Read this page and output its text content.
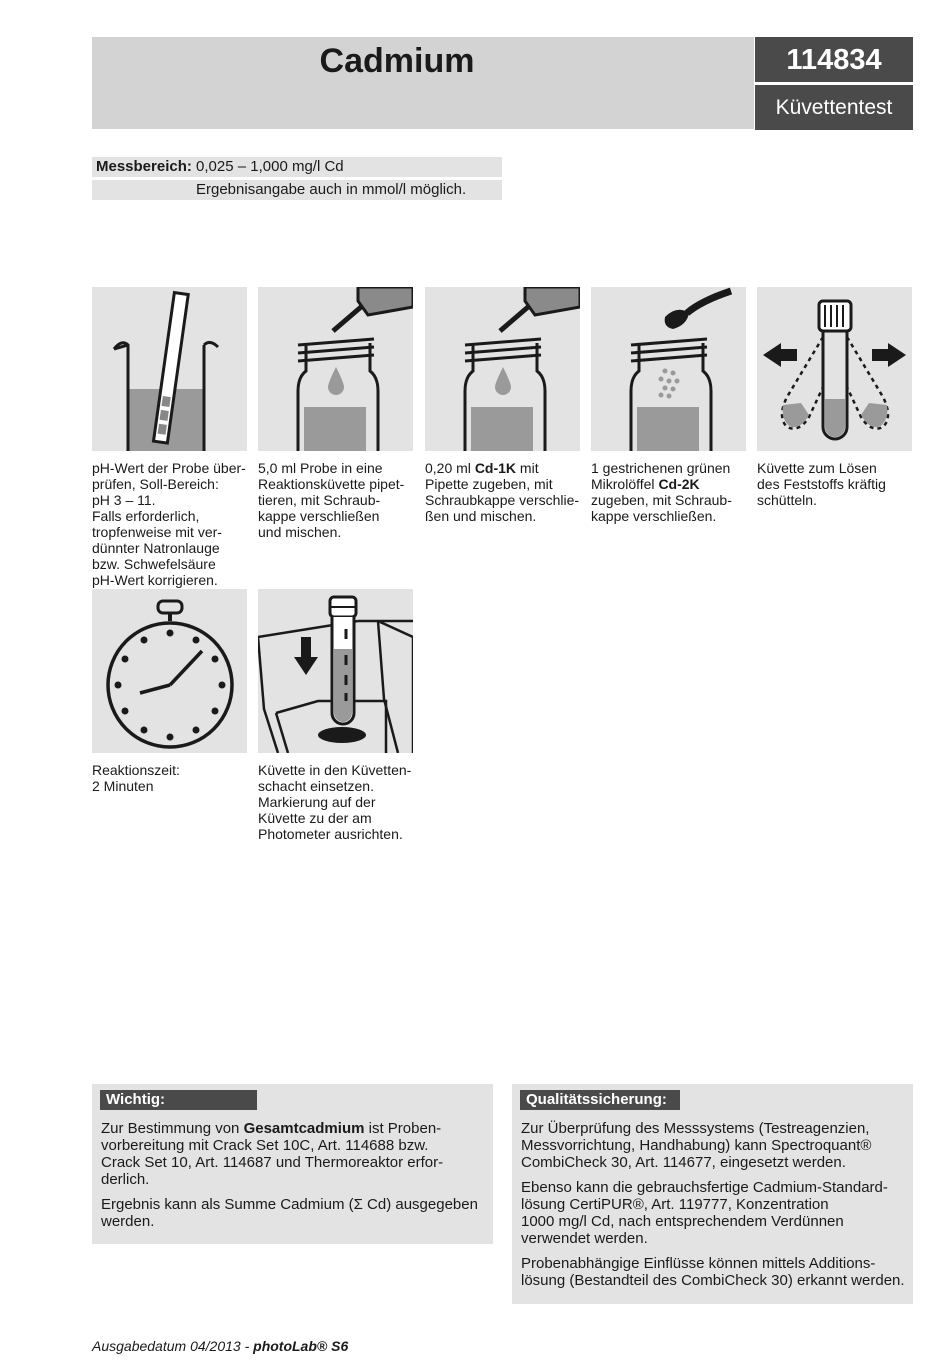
Cadmium	114834
Küvettentest
Messbereich: 0,025 – 1,000 mg/l Cd
Ergebnisangabe auch in mmol/l möglich.
pH-Wert der Probe über-
prüfen, Soll-Bereich:
pH 3 – 11.
Falls erforderlich,
tropfenweise mit ver-
dünnter Natronlauge
bzw. Schwefelsäure
pH-Wert korrigieren.
5,0 ml Probe in eine
Reaktionsküvette pipet-
tieren, mit Schraub-
kappe verschließen
und mischen.
0,20 ml Cd-1K mit
Pipette zugeben, mit
Schraubkappe verschlie-
ßen und mischen.
1 gestrichenen grünen
Mikrolöffel Cd-2K
zugeben, mit Schraub-
kappe verschließen.
Küvette zum Lösen
des Feststoffs kräftig
schütteln.
Reaktionszeit:
2 Minuten
Küvette in den Küvetten-
schacht einsetzen.
Markierung auf der
Küvette zu der am
Photometer ausrichten.
Wichtig:

Zur Bestimmung von Gesamtcadmium ist Proben-
vorbereitung mit Crack Set 10C, Art. 114688 bzw.
Crack Set 10, Art. 114687 und Thermoreaktor erfor-
derlich.

Ergebnis kann als Summe Cadmium (Σ Cd) ausgegeben
werden.

Qualitätssicherung:

Zur Überprüfung des Messsystems (Testreagenzien,
Messvorrichtung, Handhabung) kann Spectroquant®
CombiCheck 30, Art. 114677, eingesetzt werden.

Ebenso kann die gebrauchsfertige Cadmium-Standard-
lösung CertiPUR®, Art. 119777, Konzentration
1000 mg/l Cd, nach entsprechendem Verdünnen
verwendet werden.

Probenabhängige Einflüsse können mittels Additions-
lösung (Bestandteil des CombiCheck 30) erkannt werden.

Ausgabedatum 04/2013 - photoLab® S6
